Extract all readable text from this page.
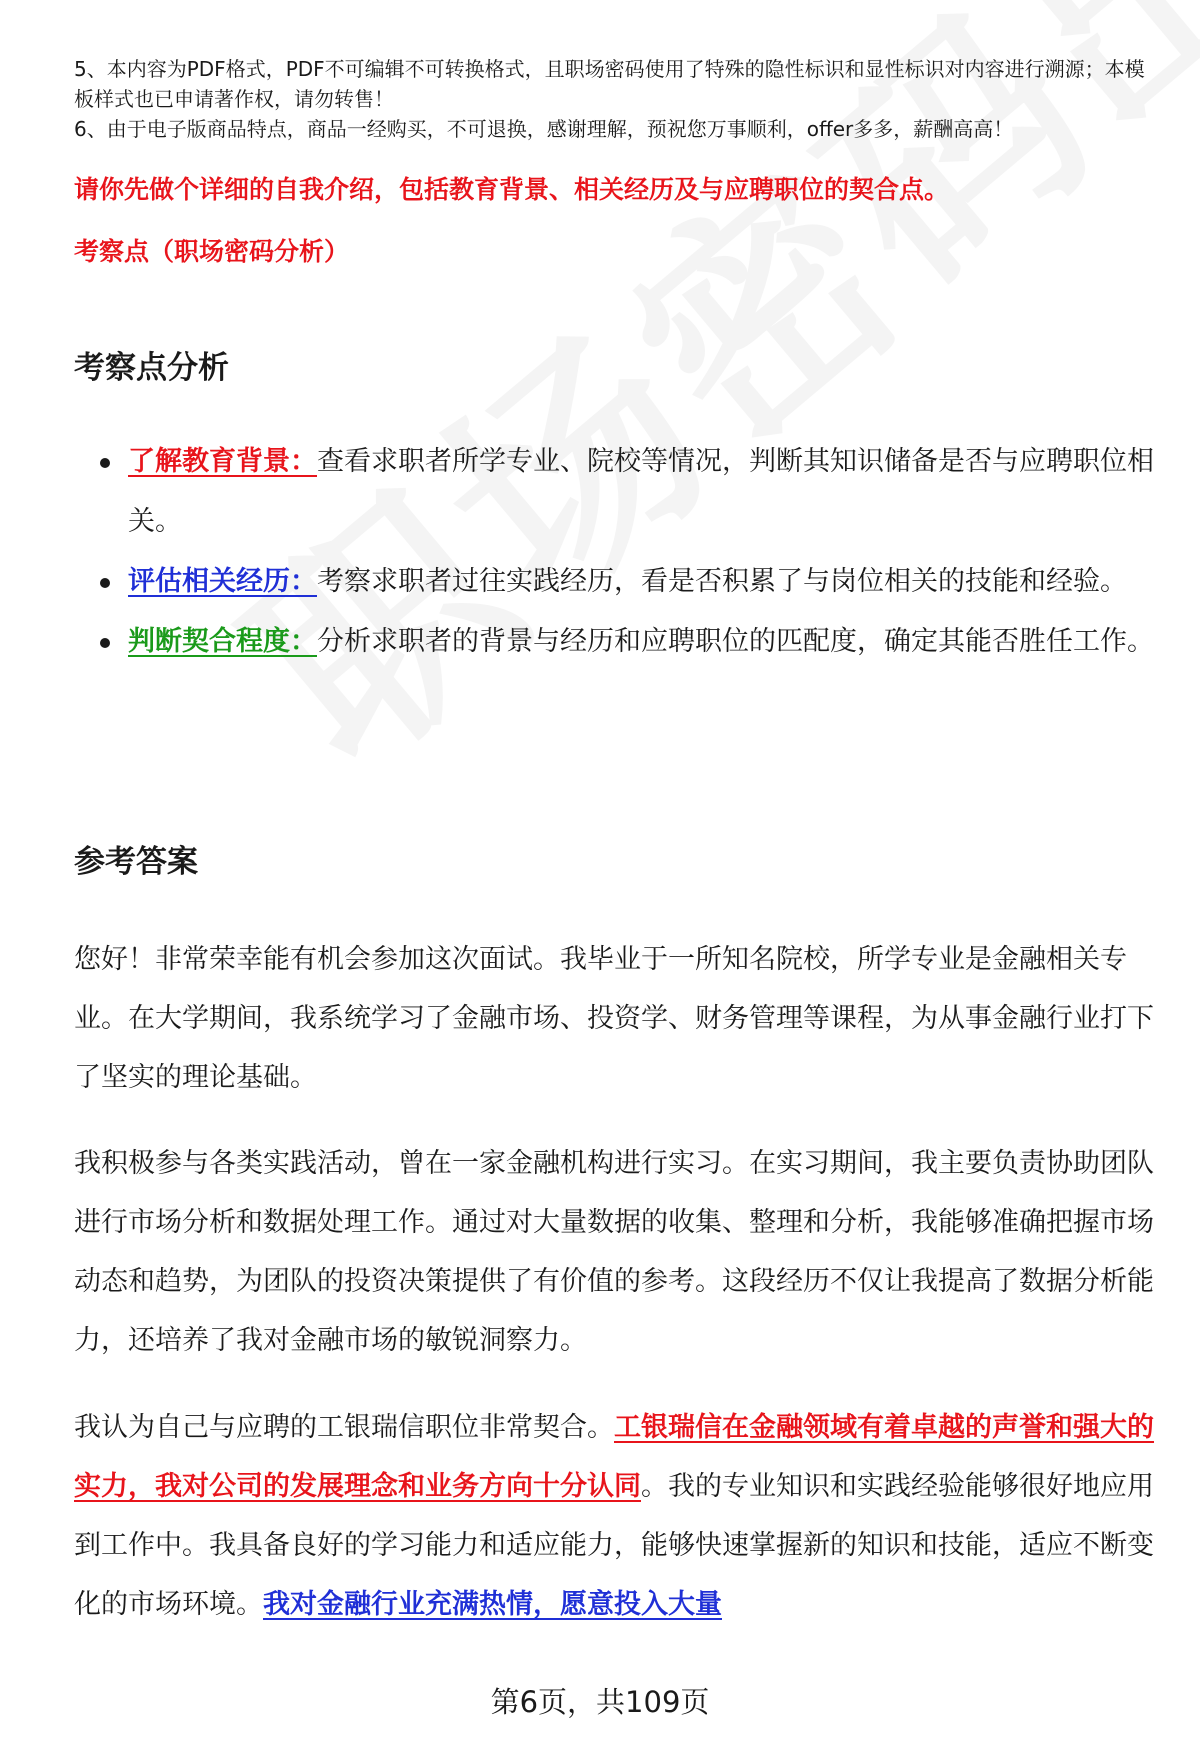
5、本内容为PDF格式，PDF不可编辑不可转换格式，且职场密码使用了特殊的隐性标识和显性标识对内容进行溯源；本模板样式也已申请著作权，请勿转售！
6、由于电子版商品特点，商品一经购买，不可退换，感谢理解，预祝您万事顺利，offer多多，薪酬高高！
请你先做个详细的自我介绍，包括教育背景、相关经历及与应聘职位的契合点。
考察点（职场密码分析）
考察点分析
了解教育背景：查看求职者所学专业、院校等情况，判断其知识储备是否与应聘职位相关。
评估相关经历：考察求职者过往实践经历，看是否积累了与岗位相关的技能和经验。
判断契合程度：分析求职者的背景与经历和应聘职位的匹配度，确定其能否胜任工作。
参考答案
您好！非常荣幸能有机会参加这次面试。我毕业于一所知名院校，所学专业是金融相关专业。在大学期间，我系统学习了金融市场、投资学、财务管理等课程，为从事金融行业打下了坚实的理论基础。
我积极参与各类实践活动，曾在一家金融机构进行实习。在实习期间，我主要负责协助团队进行市场分析和数据处理工作。通过对大量数据的收集、整理和分析，我能够准确把握市场动态和趋势，为团队的投资决策提供了有价值的参考。这段经历不仅让我提高了数据分析能力，还培养了我对金融市场的敏锐洞察力。
我认为自己与应聘的工银瑞信职位非常契合。工银瑞信在金融领域有着卓越的声誉和强大的实力，我对公司的发展理念和业务方向十分认同。我的专业知识和实践经验能够很好地应用到工作中。我具备良好的学习能力和适应能力，能够快速掌握新的知识和技能，适应不断变化的市场环境。我对金融行业充满热情，愿意投入大量
第6页，共109页
